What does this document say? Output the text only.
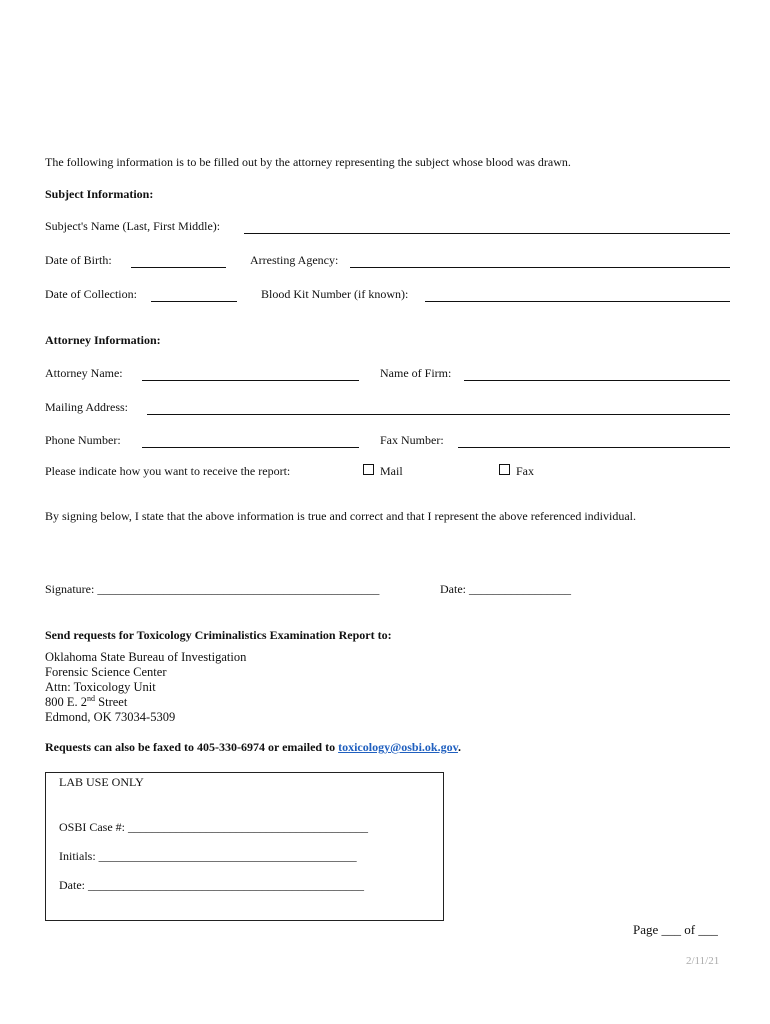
The following information is to be filled out by the attorney representing the subject whose blood was drawn.
Subject Information:
Subject's Name (Last, First Middle):
Date of Birth:	Arresting Agency:
Date of Collection:	Blood Kit Number (if known):
Attorney Information:
Attorney Name:	Name of Firm:
Mailing Address:
Phone Number:	Fax Number:
Please indicate how you want to receive the report:	Mail	Fax
By signing below, I state that the above information is true and correct and that I represent the above referenced individual.
Signature: _______________________________________________	Date: _________________
Send requests for Toxicology Criminalistics Examination Report to:
Oklahoma State Bureau of Investigation
Forensic Science Center
Attn: Toxicology Unit
800 E. 2nd Street
Edmond, OK 73034-5309
Requests can also be faxed to 405-330-6974 or emailed to toxicology@osbi.ok.gov.
LAB USE ONLY
OSBI Case #: ________________________________________
Initials: ___________________________________________
Date: ______________________________________________
Page ___ of ___
2/11/21
